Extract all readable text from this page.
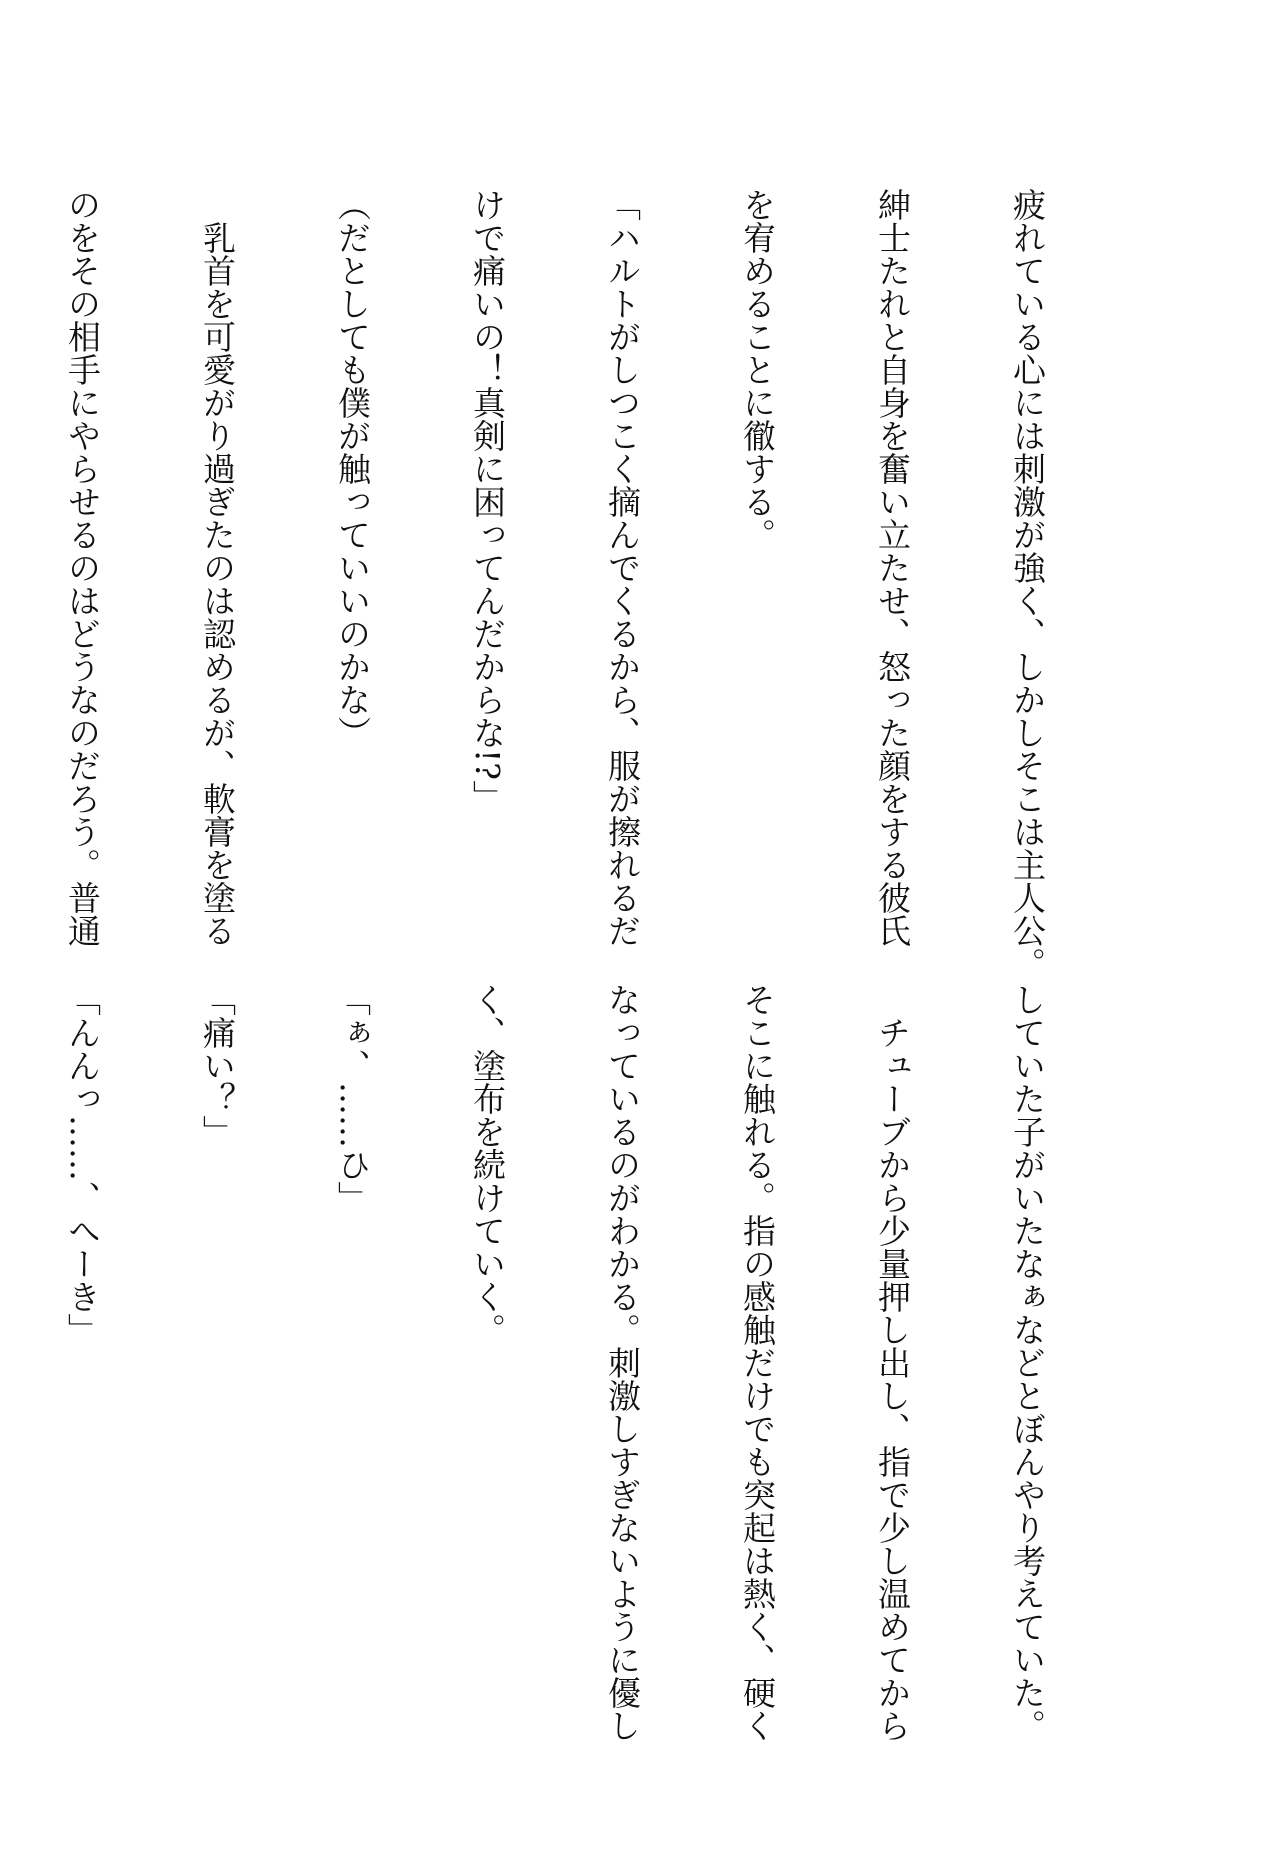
疲れている心には刺激が強く、しかしそこは主人公。

紳士たれと自身を奮い立たせ、怒った顔をする彼氏

を宥めることに徹する。

「ハルトがしつこく摘んでくるから、服が擦れるだ

けで痛いの！真剣に困ってんだからな!?」

（だとしても僕が触っていいのかな）

　乳首を可愛がり過ぎたのは認めるが、軟膏を塗る

のをその相手にやらせるのはどうなのだろう。普通

していた子がいたなぁなどとぼんやり考えていた。

　チューブから少量押し出し、指で少し温めてから

そこに触れる。指の感触だけでも突起は熱く、硬く

なっているのがわかる。刺激しすぎないように優し

く、塗布を続けていく。

「ぁ、……ひ」

「痛い？」

「んんっ……、へーき」
